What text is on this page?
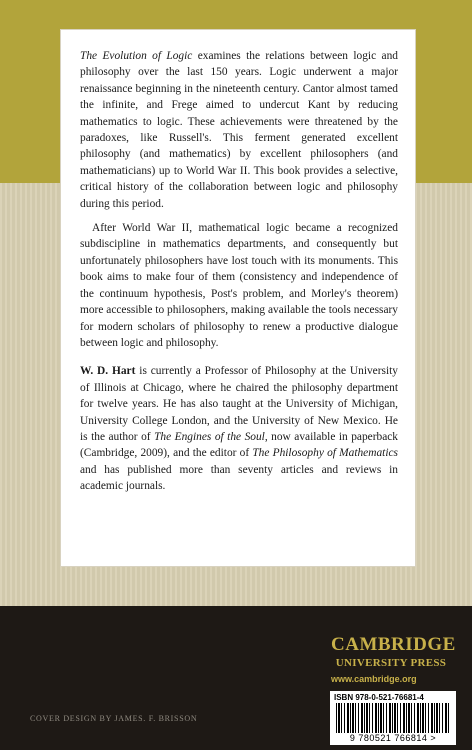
The Evolution of Logic examines the relations between logic and philosophy over the last 150 years. Logic underwent a major renaissance beginning in the nineteenth century. Cantor almost tamed the infinite, and Frege aimed to undercut Kant by reducing mathematics to logic. These achievements were threatened by the paradoxes, like Russell's. This ferment generated excellent philosophy (and mathematics) by excellent philosophers (and mathematicians) up to World War II. This book provides a selective, critical history of the collaboration between logic and philosophy during this period.

After World War II, mathematical logic became a recognized subdiscipline in mathematics departments, and consequently but unfortunately philosophers have lost touch with its monuments. This book aims to make four of them (consistency and independence of the continuum hypothesis, Post's problem, and Morley's theorem) more accessible to philosophers, making available the tools necessary for modern scholars of philosophy to renew a productive dialogue between logic and philosophy.

W. D. Hart is currently a Professor of Philosophy at the University of Illinois at Chicago, where he chaired the philosophy department for twelve years. He has also taught at the University of Michigan, University College London, and the University of New Mexico. He is the author of The Engines of the Soul, now available in paperback (Cambridge, 2009), and the editor of The Philosophy of Mathematics and has published more than seventy articles and reviews in academic journals.

CAMBRIDGE
UNIVERSITY PRESS
www.cambridge.org
ISBN 978-0-521-76681-4
9 780521 766814 >
COVER DESIGN BY JAMES. F. BRISSON
